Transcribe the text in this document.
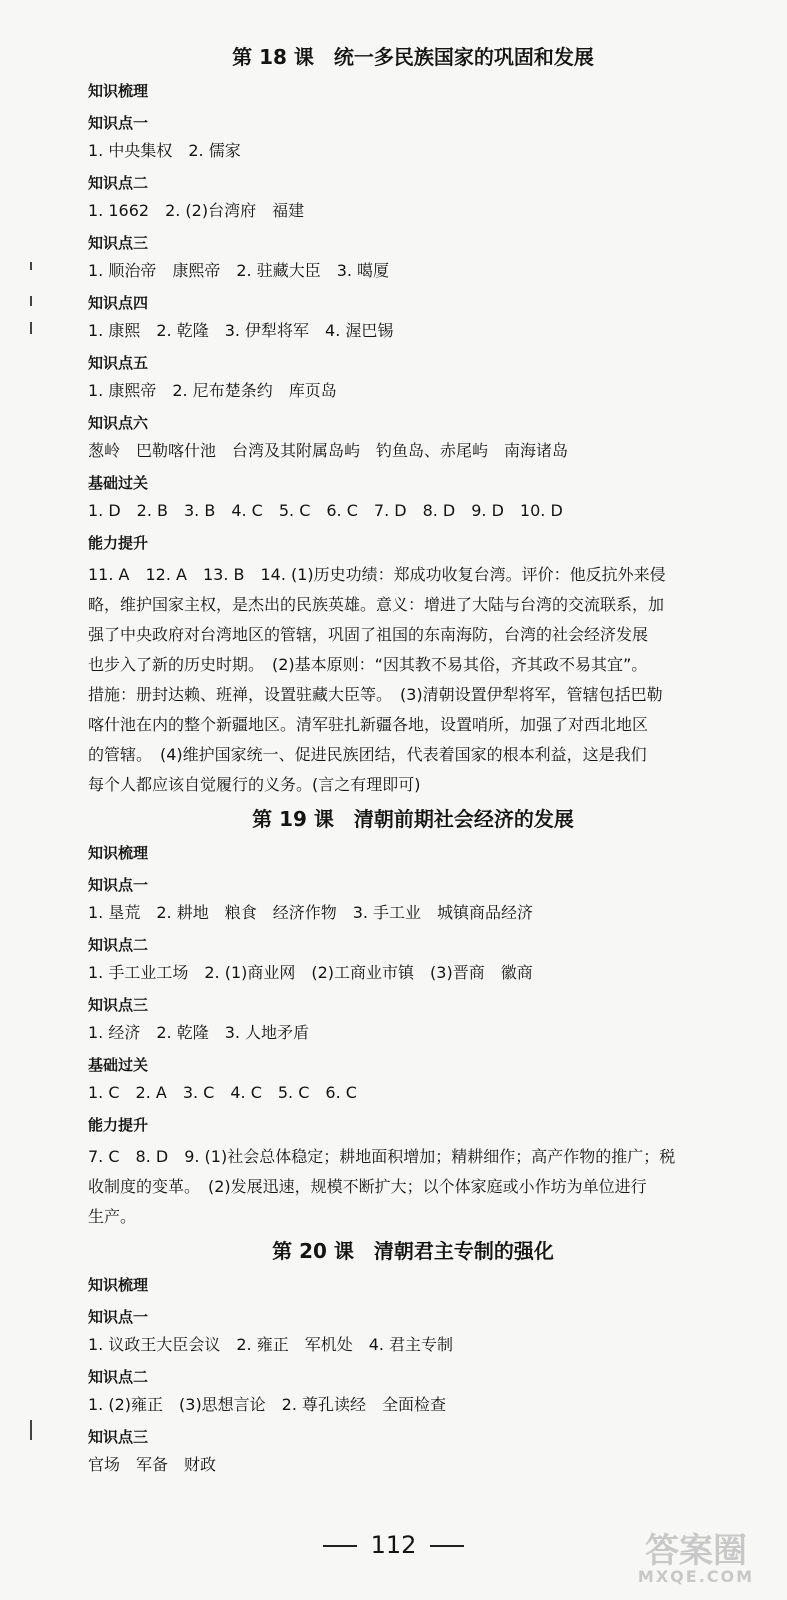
第 18 课　统一多民族国家的巩固和发展
知识梳理
知识点一
1. 中央集权　2. 儒家
知识点二
1. 1662　2. (2)台湾府　福建
知识点三
1. 顺治帝　康熙帝　2. 驻藏大臣　3. 噶厦
知识点四
1. 康熙　2. 乾隆　3. 伊犁将军　4. 渥巴锡
知识点五
1. 康熙帝　2. 尼布楚条约　库页岛
知识点六
葱岭　巴勒喀什池　台湾及其附属岛屿　钓鱼岛、赤尾屿　南海诸岛
基础过关
1. D　2. B　3. B　4. C　5. C　6. C　7. D　8. D　9. D　10. D
能力提升
11. A　12. A　13. B　14. (1)历史功绩：郑成功收复台湾。评价：他反抗外来侵
略，维护国家主权，是杰出的民族英雄。意义：增进了大陆与台湾的交流联系，加
强了中央政府对台湾地区的管辖，巩固了祖国的东南海防，台湾的社会经济发展
也步入了新的历史时期。　(2)基本原则：“因其教不易其俗，齐其政不易其宜”。
措施：册封达赖、班禅，设置驻藏大臣等。　(3)清朝设置伊犁将军，管辖包括巴勒
喀什池在内的整个新疆地区。清军驻扎新疆各地，设置哨所，加强了对西北地区
的管辖。　(4)维护国家统一、促进民族团结，代表着国家的根本利益，这是我们
每个人都应该自觉履行的义务。(言之有理即可)
第 19 课　清朝前期社会经济的发展
知识梳理
知识点一
1. 垦荒　2. 耕地　粮食　经济作物　3. 手工业　城镇商品经济
知识点二
1. 手工业工场　2. (1)商业网　(2)工商业市镇　(3)晋商　徽商
知识点三
1. 经济　2. 乾隆　3. 人地矛盾
基础过关
1. C　2. A　3. C　4. C　5. C　6. C
能力提升
7. C　8. D　9. (1)社会总体稳定；耕地面积增加；精耕细作；高产作物的推广；税
收制度的变革。　(2)发展迅速，规模不断扩大；以个体家庭或小作坊为单位进行
生产。
第 20 课　清朝君主专制的强化
知识梳理
知识点一
1. 议政王大臣会议　2. 雍正　军机处　4. 君主专制
知识点二
1. (2)雍正　(3)思想言论　2. 尊孔读经　全面检查
知识点三
官场　军备　财政
112	答案圈
MXQE.COM
